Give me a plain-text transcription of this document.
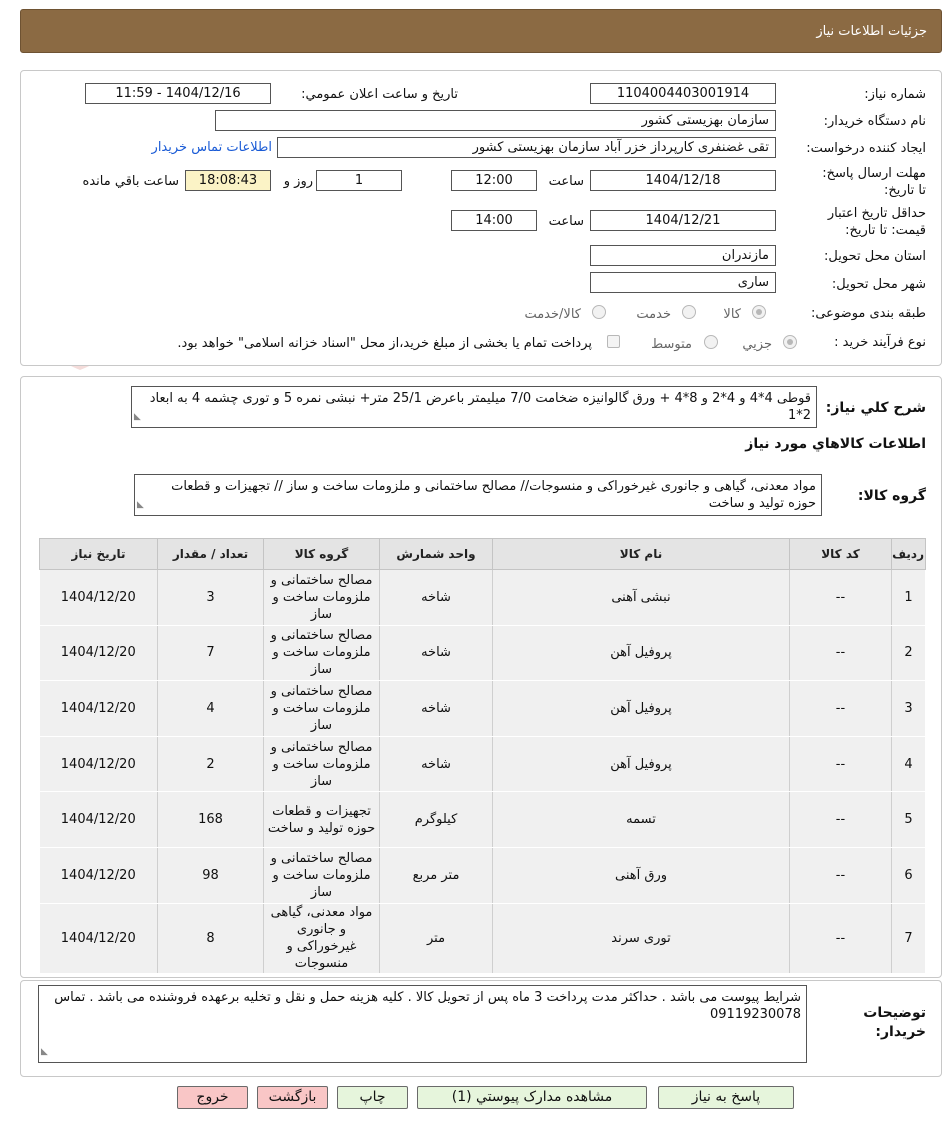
جزئیات اطلاعات نیاز
شماره نیاز:
1104004403001914
تاریخ و ساعت اعلان عمومي:
1404/12/16 - 11:59
نام دستگاه خريدار:
سازمان بهزیستی کشور
ايجاد کننده درخواست:
تقی غضنفری کارپرداز خزر آباد سازمان بهزیستی کشور
اطلاعات تماس خريدار
مهلت ارسال پاسخ: تا تاریخ:
1404/12/18
ساعت
12:00
1
روز و
18:08:43
ساعت باقي مانده
حداقل تاريخ اعتبار قيمت: تا تاريخ:
1404/12/21
ساعت
14:00
استان محل تحويل:
مازندران
شهر محل تحويل:
ساری
طبقه بندی موضوعی:
کالا
خدمت
کالا/خدمت
نوع فرآيند خريد :
جزيي
متوسط
پرداخت تمام یا بخشی از مبلغ خرید،از محل "اسناد خزانه اسلامی" خواهد بود.
شرح کلي نياز:
قوطی 4*4 و 4*2 و 8*4 + ورق گالوانیزه ضخامت 7/0 میلیمتر باعرض 25/1 متر+ نبشی نمره 5 و توری چشمه 4 به ابعاد 2*1
◢
اطلاعات کالاهاي مورد نياز
گروه کالا:
مواد معدنی، گیاهی و جانوری غیرخوراکی و منسوجات// مصالح ساختمانی و ملزومات ساخت و ساز // تجهیزات و قطعات حوزه تولید و ساخت
◢
رديف	کد کالا	نام کالا	واحد شمارش	گروه کالا	تعداد / مقدار	تاريخ نياز
1	--	نبشی آهنی	شاخه	مصالح ساختمانی و ملزومات ساخت و ساز	3	1404/12/20
2	--	پروفیل آهن	شاخه	مصالح ساختمانی و ملزومات ساخت و ساز	7	1404/12/20
3	--	پروفیل آهن	شاخه	مصالح ساختمانی و ملزومات ساخت و ساز	4	1404/12/20
4	--	پروفیل آهن	شاخه	مصالح ساختمانی و ملزومات ساخت و ساز	2	1404/12/20
5	--	تسمه	کیلوگرم	تجهیزات و قطعات حوزه تولید و ساخت	168	1404/12/20
6	--	ورق آهنی	متر مربع	مصالح ساختمانی و ملزومات ساخت و ساز	98	1404/12/20
7	--	توری سرند	متر	مواد معدنی، گیاهی و جانوری غیرخوراکی و منسوجات	8	1404/12/20
توضيحات خريدار:
شرایط پیوست می باشد . حداکثر مدت پرداخت 3 ماه پس از تحویل کالا . کلیه هزینه حمل و نقل و تخلیه برعهده فروشنده می باشد . تماس 09119230078
◢
پاسخ به نياز
مشاهده مدارک پيوستي (1)
چاپ
بازگشت
خروج
